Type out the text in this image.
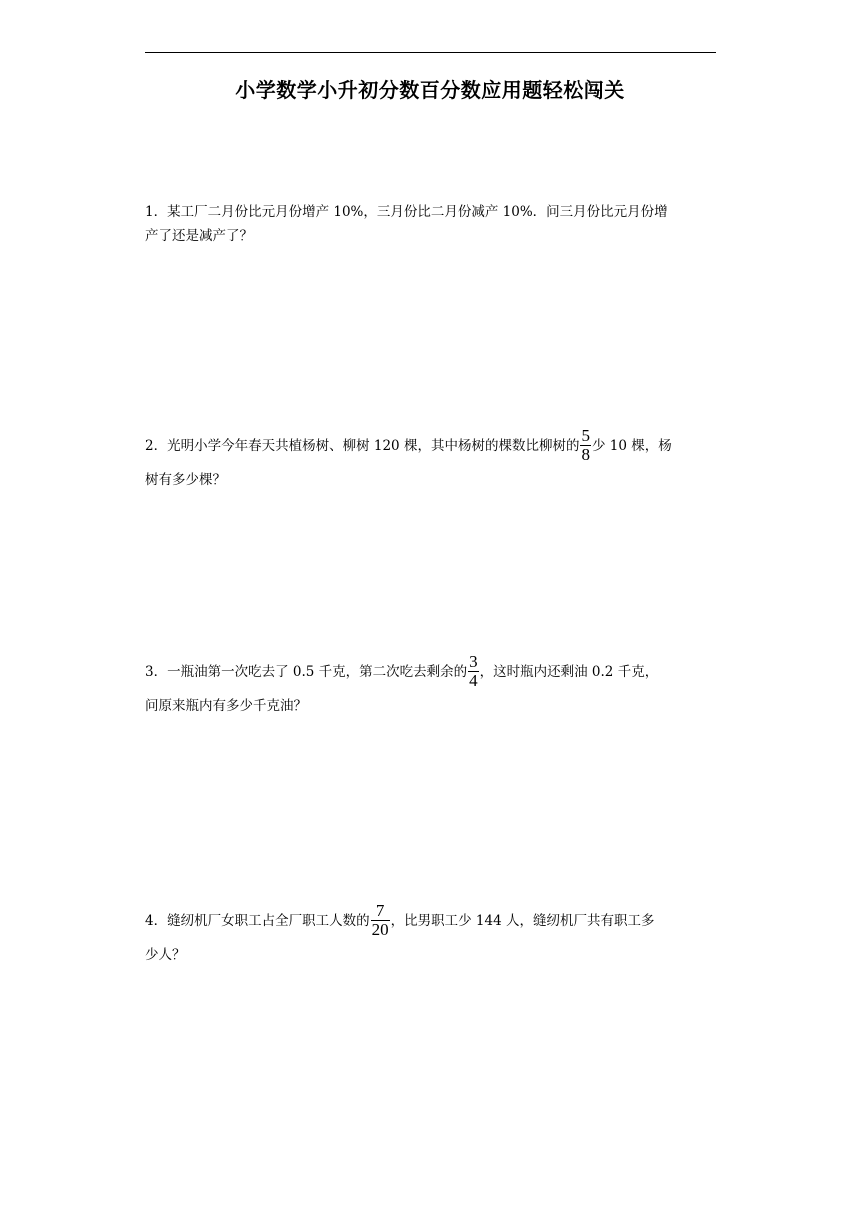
小学数学小升初分数百分数应用题轻松闯关
1．某工厂二月份比元月份增产 10%，三月份比二月份减产 10%．问三月份比元月份增
产了还是减产了？
2．光明小学今年春天共植杨树、柳树 120 棵，其中杨树的棵数比柳树的 $\frac{5}{8}$ 少 10 棵，杨
树有多少棵？
3．一瓶油第一次吃去了 0.5 千克，第二次吃去剩余的 $\frac{3}{4}$ ，这时瓶内还剩油 0.2 千克，
问原来瓶内有多少千克油？
4．缝纫机厂女职工占全厂职工人数的 $\frac{7}{20}$ ，比男职工少 144 人，缝纫机厂共有职工多
少人？
